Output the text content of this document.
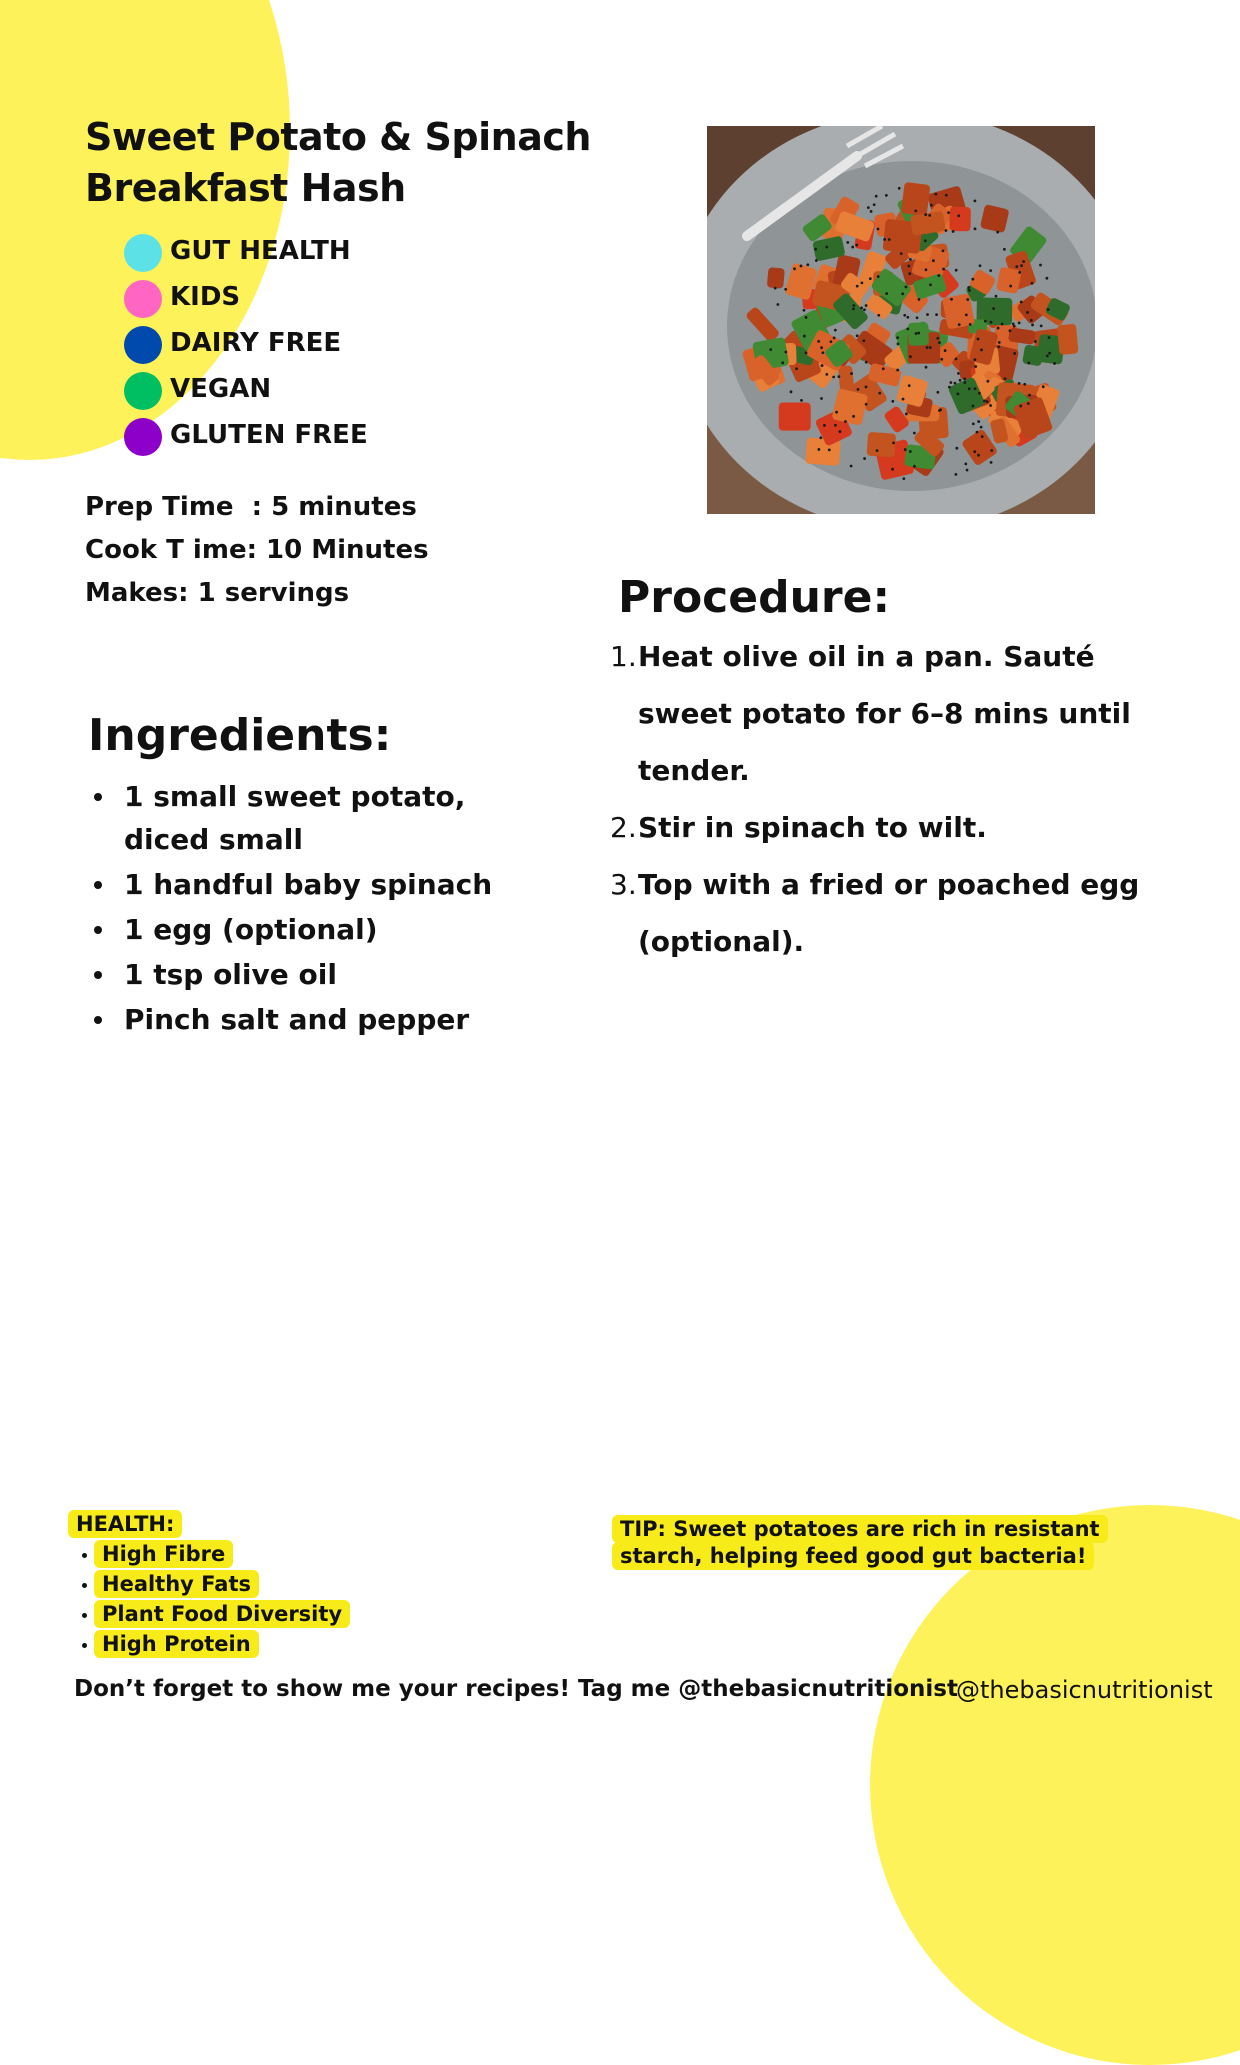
Sweet Potato & Spinach Breakfast Hash
GUT HEALTH
KIDS
DAIRY FREE
VEGAN
GLUTEN FREE
Prep Time  : 5 minutes
Cook T ime: 10 Minutes
Makes: 1 servings
Ingredients:
1 small sweet potato, diced small
1 handful baby spinach
1 egg (optional)
1 tsp olive oil
Pinch salt and pepper
Procedure:
1. Heat olive oil in a pan. Sauté sweet potato for 6–8 mins until tender.
2. Stir in spinach to wilt.
3. Top with a fried or poached egg (optional).
HEALTH:
High Fibre
Healthy Fats
Plant Food Diversity
High Protein
TIP: Sweet potatoes are rich in resistant starch, helping feed good gut bacteria!
Don’t forget to show me your recipes! Tag me @thebasicnutritionist
@thebasicnutritionist
